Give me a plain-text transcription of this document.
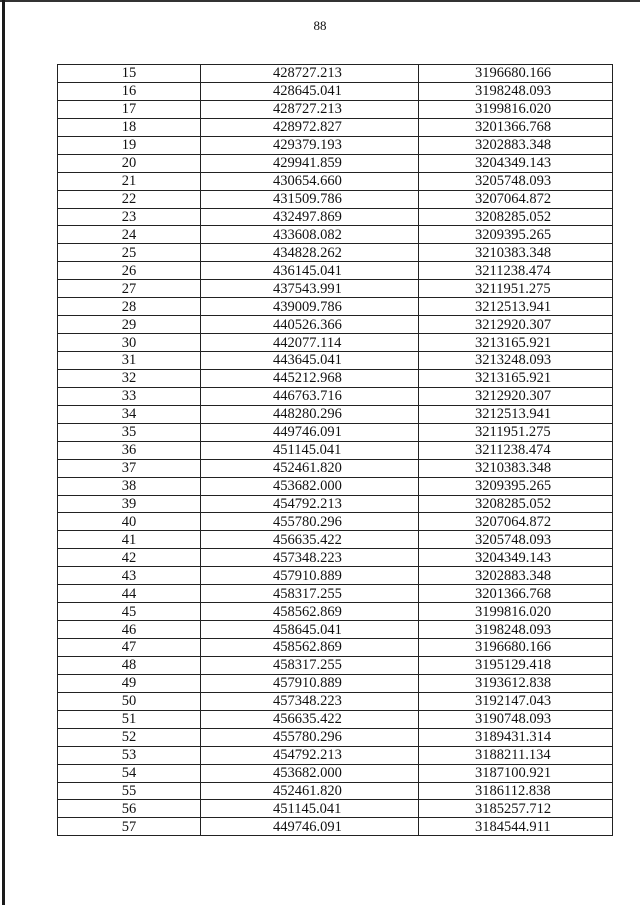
88
15	428727.213	3196680.166
16	428645.041	3198248.093
17	428727.213	3199816.020
18	428972.827	3201366.768
19	429379.193	3202883.348
20	429941.859	3204349.143
21	430654.660	3205748.093
22	431509.786	3207064.872
23	432497.869	3208285.052
24	433608.082	3209395.265
25	434828.262	3210383.348
26	436145.041	3211238.474
27	437543.991	3211951.275
28	439009.786	3212513.941
29	440526.366	3212920.307
30	442077.114	3213165.921
31	443645.041	3213248.093
32	445212.968	3213165.921
33	446763.716	3212920.307
34	448280.296	3212513.941
35	449746.091	3211951.275
36	451145.041	3211238.474
37	452461.820	3210383.348
38	453682.000	3209395.265
39	454792.213	3208285.052
40	455780.296	3207064.872
41	456635.422	3205748.093
42	457348.223	3204349.143
43	457910.889	3202883.348
44	458317.255	3201366.768
45	458562.869	3199816.020
46	458645.041	3198248.093
47	458562.869	3196680.166
48	458317.255	3195129.418
49	457910.889	3193612.838
50	457348.223	3192147.043
51	456635.422	3190748.093
52	455780.296	3189431.314
53	454792.213	3188211.134
54	453682.000	3187100.921
55	452461.820	3186112.838
56	451145.041	3185257.712
57	449746.091	3184544.911
